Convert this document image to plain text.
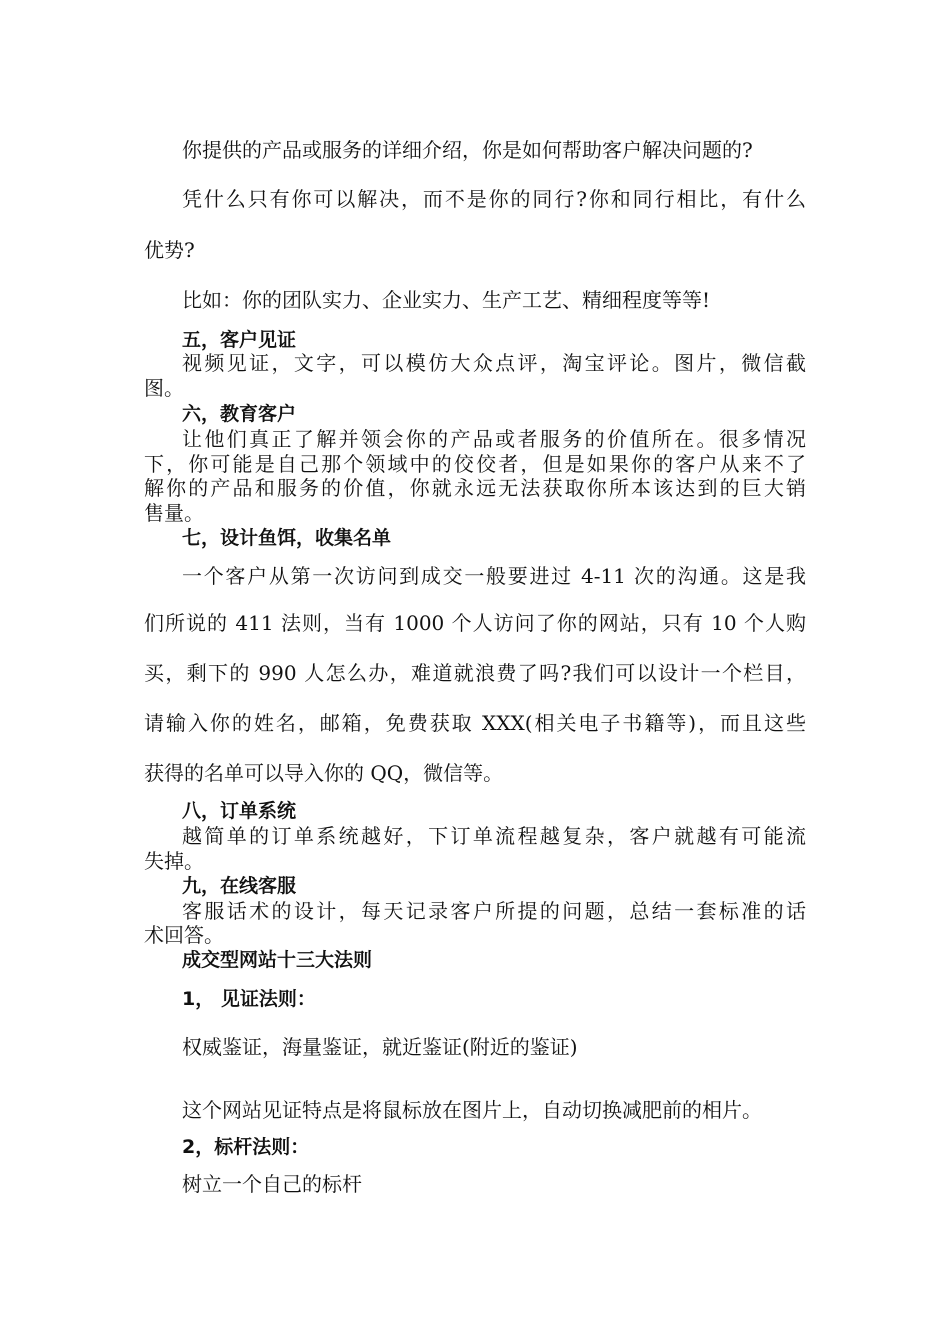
你提供的产品或服务的详细介绍，你是如何帮助客户解决问题的?
凭什么只有你可以解决，而不是你的同行?你和同行相比，有什么
优势?
比如：你的团队实力、企业实力、生产工艺、精细程度等等!
五，客户见证
视频见证，文字，可以模仿大众点评，淘宝评论。图片，微信截
图。
六，教育客户
让他们真正了解并领会你的产品或者服务的价值所在。很多情况
下，你可能是自己那个领域中的佼佼者，但是如果你的客户从来不了
解你的产品和服务的价值，你就永远无法获取你所本该达到的巨大销
售量。
七，设计鱼饵，收集名单
一个客户从第一次访问到成交一般要进过 4-11 次的沟通。这是我
们所说的 411 法则，当有 1000 个人访问了你的网站，只有 10 个人购
买，剩下的 990 人怎么办，难道就浪费了吗?我们可以设计一个栏目，
请输入你的姓名，邮箱，免费获取 XXX(相关电子书籍等)，而且这些
获得的名单可以导入你的 QQ，微信等。
八，订单系统
越简单的订单系统越好，下订单流程越复杂，客户就越有可能流
失掉。
九，在线客服
客服话术的设计，每天记录客户所提的问题，总结一套标准的话
术回答。
成交型网站十三大法则
1， 见证法则：
权威鉴证，海量鉴证，就近鉴证(附近的鉴证)
这个网站见证特点是将鼠标放在图片上，自动切换减肥前的相片。
2，标杆法则：
树立一个自己的标杆
